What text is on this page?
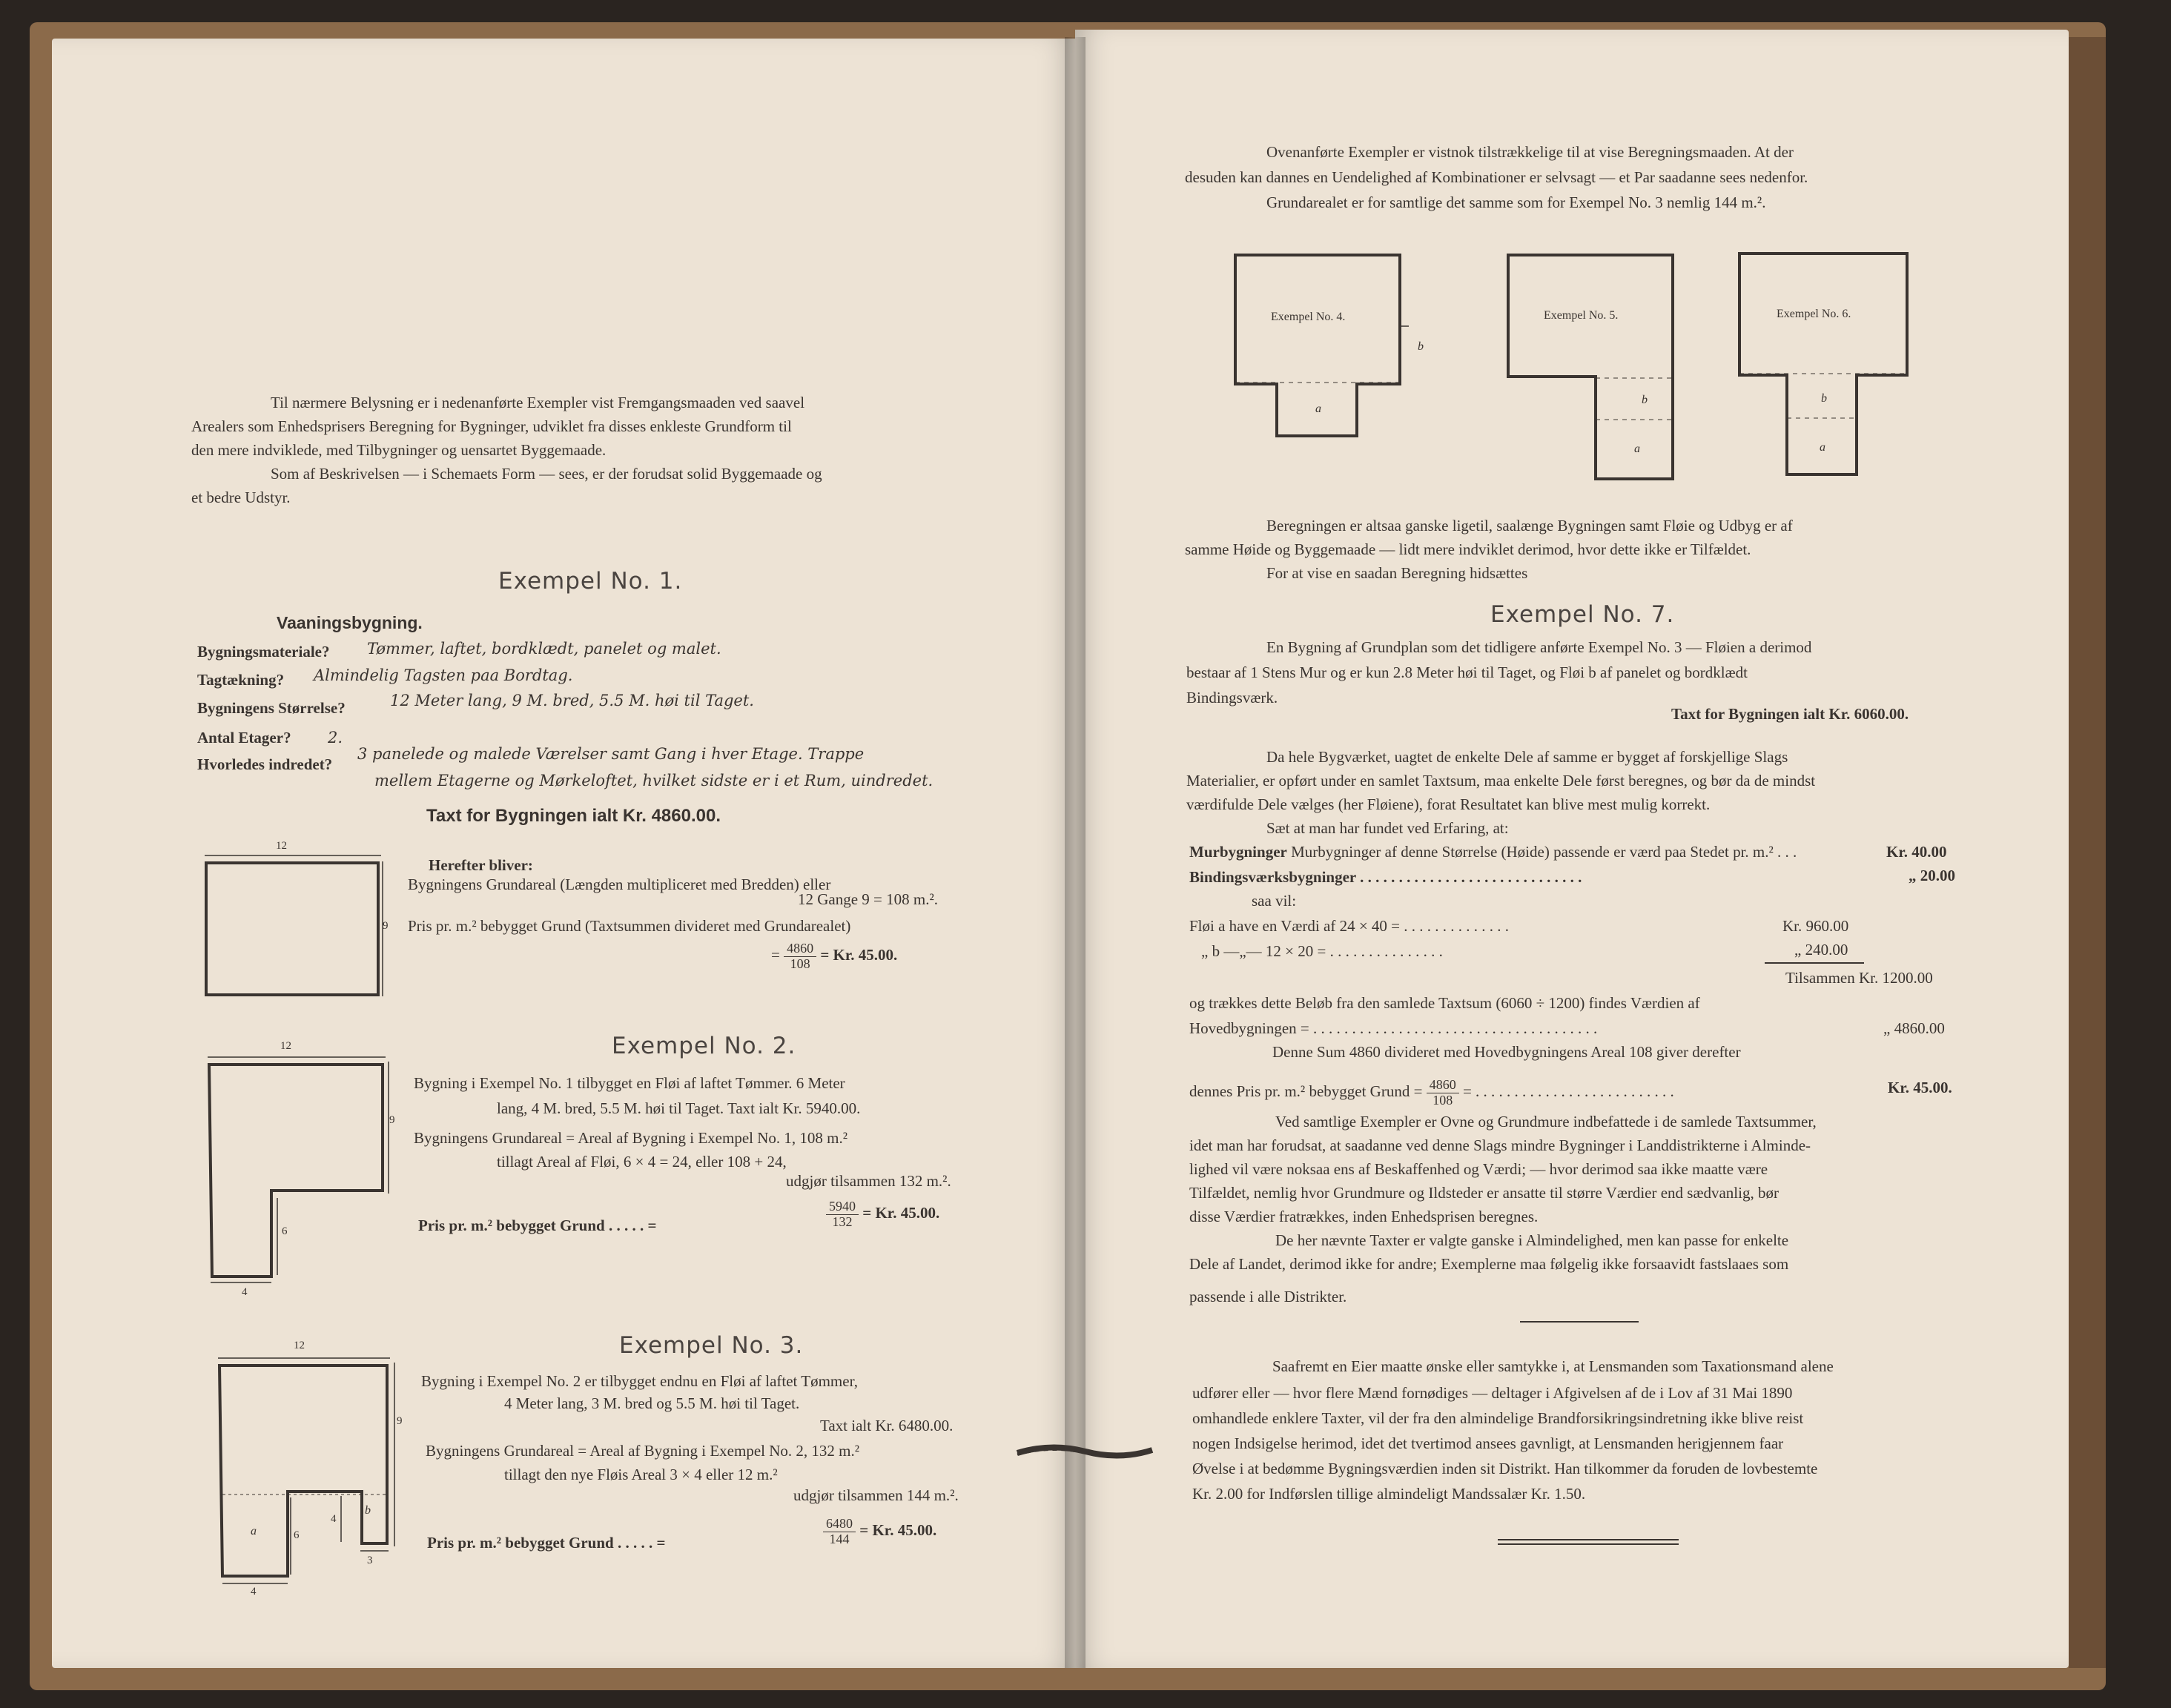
Til nærmere Belysning er i nedenanførte Exempler vist Fremgangsmaaden ved saavel
Arealers som Enhedsprisers Beregning for Bygninger, udviklet fra disses enkleste Grundform til
den mere indviklede, med Tilbygninger og uensartet Byggemaade.
Som af Beskrivelsen — i Schemaets Form — sees, er der forudsat solid Byggemaade og
et bedre Udstyr.
Exempel No. 1.
Vaaningsbygning.
Bygningsmateriale? Tømmer, laftet, bordklædt, panelet og malet.
Tagtækning? Almindelig Tagsten paa Bordtag.
Bygningens Størrelse?	12 Meter lang, 9 M. bred, 5.5 M. høi til Taget.
Antal Etager? 2.
Hvorledes indredet?
3 panelede og malede Værelser samt Gang i hver Etage. Trappe
mellem Etagerne og Mørkeloftet, hvilket sidste er i et Rum, uindredet.
Taxt for Bygningen ialt Kr. 4860.00.
12
9
Herefter bliver:
Bygningens Grundareal (Længden multipliceret med Bredden) eller
12 Gange 9 = 108 m.².
Pris pr. m.² bebygget Grund (Taxtsummen divideret med Grundarealet)
= $\frac{4860}{108} = Kr$. 45.00.
Exempel No. 2.
12
9
6
4
Bygning i Exempel No. 1 tilbygget en Fløi af laftet Tømmer. 6 Meter
lang, 4 M. bred, 5.5 M. høi til Taget. Taxt ialt Kr. 5940.00.
Bygningens Grundareal = Areal af Bygning i Exempel No. 1, 108 m.²
tillagt Areal af Fløi, 6 × 4 = 24, eller 108 + 24,
udgjør tilsammen 132 m.².
Pris pr. m.² bebygget Grund . . . . . =	$\frac{5940}{132} = Kr$. 45.00.
Exempel No. 3.
12
9
a	6
4
b
3
4
Bygning i Exempel No. 2 er tilbygget endnu en Fløi af laftet Tømmer,
4 Meter lang, 3 M. bred og 5.5 M. høi til Taget.
Taxt ialt Kr. 6480.00.
Bygningens Grundareal = Areal af Bygning i Exempel No. 2, 132 m.²
tillagt den nye Fløis Areal 3 × 4 eller 12 m.²
udgjør tilsammen 144 m.².
Pris pr. m.² bebygget Grund . . . . . =	$\frac{6480}{144} = Kr$. 45.00.
Ovenanførte Exempler er vistnok tilstrækkelige til at vise Beregningsmaaden. At der
desuden kan dannes en Uendelighed af Kombinationer er selvsagt — et Par saadanne sees nedenfor.
Grundarealet er for samtlige det samme som for Exempel No. 3 nemlig 144 m.².
Exempel No. 4.
b
a
Exempel No. 5.
b
a
Exempel No. 6.
b
a
Beregningen er altsaa ganske ligetil, saalænge Bygningen samt Fløie og Udbyg er af
samme Høide og Byggemaade — lidt mere indviklet derimod, hvor dette ikke er Tilfældet.
For at vise en saadan Beregning hidsættes
Exempel No. 7.
En Bygning af Grundplan som det tidligere anførte Exempel No. 3 — Fløien a derimod
bestaar af 1 Stens Mur og er kun 2.8 Meter høi til Taget, og Fløi b af panelet og bordklædt
Bindingsværk.
Taxt for Bygningen ialt Kr. 6060.00.
Da hele Bygværket, uagtet de enkelte Dele af samme er bygget af forskjellige Slags
Materialier, er opført under en samlet Taxtsum, maa enkelte Dele først beregnes, og bør da de mindst
værdifulde Dele vælges (her Fløiene), forat Resultatet kan blive mest mulig korrekt.
Sæt at man har fundet ved Erfaring, at:
Murbygninger Murbygninger af denne Størrelse (Høide) passende er værd paa Stedet pr. m.² . . .	Kr. 40.00
Bindingsværksbygninger . . . . . . . . . . . . . . . . . . . . . . . . . . . . .	„ 20.00
saa vil:
Fløi a have en Værdi af 24 × 40 = . . . . . . . . . . . . . .	Kr. 960.00
„ b —„— 12 × 20 = . . . . . . . . . . . . . . .	„ 240.00
Tilsammen Kr. 1200.00
og trækkes dette Beløb fra den samlede Taxtsum (6060 ÷ 1200) findes Værdien af
Hovedbygningen = . . . . . . . . . . . . . . . . . . . . . . . . . . . . . . . . . . . . .	„ 4860.00
Denne Sum 4860 divideret med Hovedbygningens Areal 108 giver derefter
dennes Pris pr. m.² bebygget Grund = $\frac{4860}{108}$ = . . . . . . . . . . . . . . . . . . . . . . . . . .	Kr. 45.00.
Ved samtlige Exempler er Ovne og Grundmure indbefattede i de samlede Taxtsummer,
idet man har forudsat, at saadanne ved denne Slags mindre Bygninger i Landdistrikterne i Alminde-
lighed vil være noksaa ens af Beskaffenhed og Værdi; — hvor derimod saa ikke maatte være
Tilfældet, nemlig hvor Grundmure og Ildsteder er ansatte til større Værdier end sædvanlig, bør
disse Værdier fratrækkes, inden Enhedsprisen beregnes.
De her nævnte Taxter er valgte ganske i Almindelighed, men kan passe for enkelte
Dele af Landet, derimod ikke for andre; Exemplerne maa følgelig ikke forsaavidt fastslaaes som
passende i alle Distrikter.
Saafremt en Eier maatte ønske eller samtykke i, at Lensmanden som Taxationsmand alene
udfører eller — hvor flere Mænd fornødiges — deltager i Afgivelsen af de i Lov af 31 Mai 1890
omhandlede enklere Taxter, vil der fra den almindelige Brandforsikringsindretning ikke blive reist
nogen Indsigelse herimod, idet det tvertimod ansees gavnligt, at Lensmanden herigjennem faar
Øvelse i at bedømme Bygningsværdien inden sit Distrikt. Han tilkommer da foruden de lovbestemte
Kr. 2.00 for Indførslen tillige almindeligt Mandssalær Kr. 1.50.
